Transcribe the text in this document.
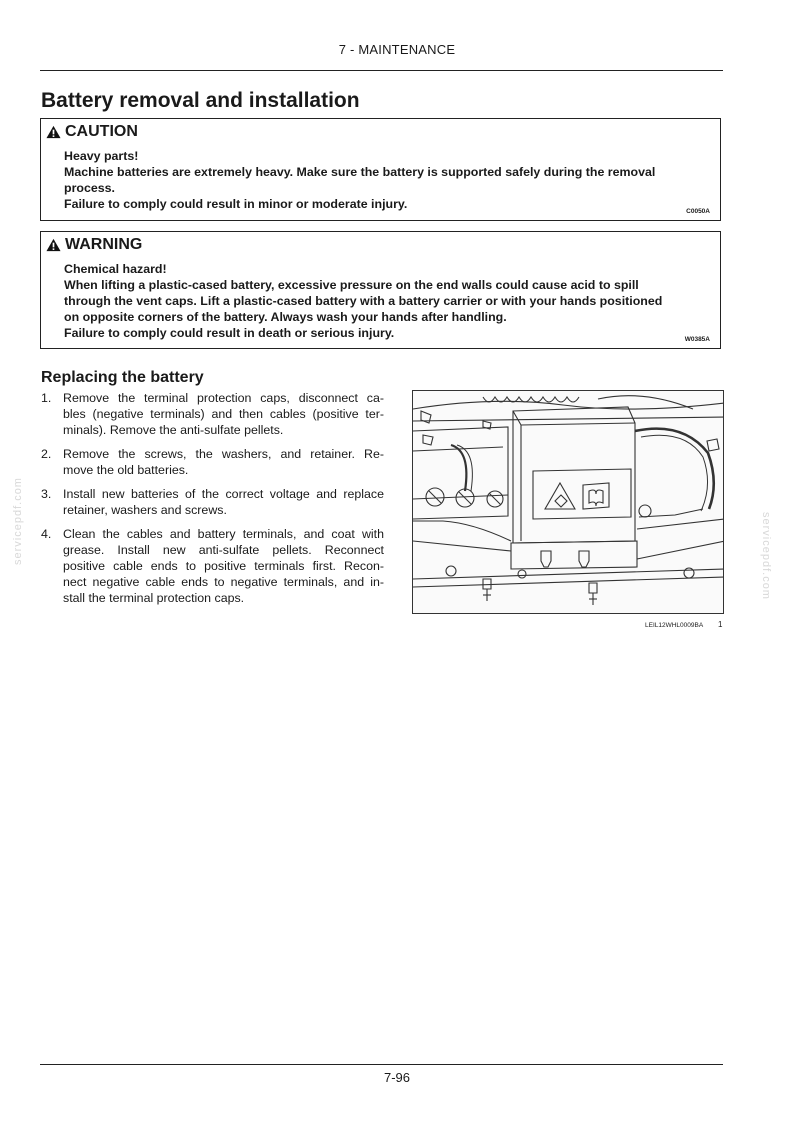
7 - MAINTENANCE
Battery removal and installation
CAUTION
Heavy parts!
Machine batteries are extremely heavy. Make sure the battery is supported safely during the removal
process.
Failure to comply could result in minor or moderate injury.
C0050A
WARNING
Chemical hazard!
When lifting a plastic-cased battery, excessive pressure on the end walls could cause acid to spill
through the vent caps. Lift a plastic-cased battery with a battery carrier or with your hands positioned
on opposite corners of the battery. Always wash your hands after handling.
Failure to comply could result in death or serious injury.	W0385A
Replacing the battery
1. Remove the terminal protection caps, disconnect ca-
bles (negative terminals) and then cables (positive ter-
minals). Remove the anti-sulfate pellets.
2. Remove the screws, the washers, and retainer. Re-
move the old batteries.
3. Install new batteries of the correct voltage and replace
retainer, washers and screws.
4. Clean the cables and battery terminals, and coat with
grease. Install new anti-sulfate pellets. Reconnect
positive cable ends to positive terminals first. Recon-
nect negative cable ends to negative terminals, and in-
stall the terminal protection caps.
LEIL12WHL0009BA 1
servicepdf.com	servicepdf.com
7-96
